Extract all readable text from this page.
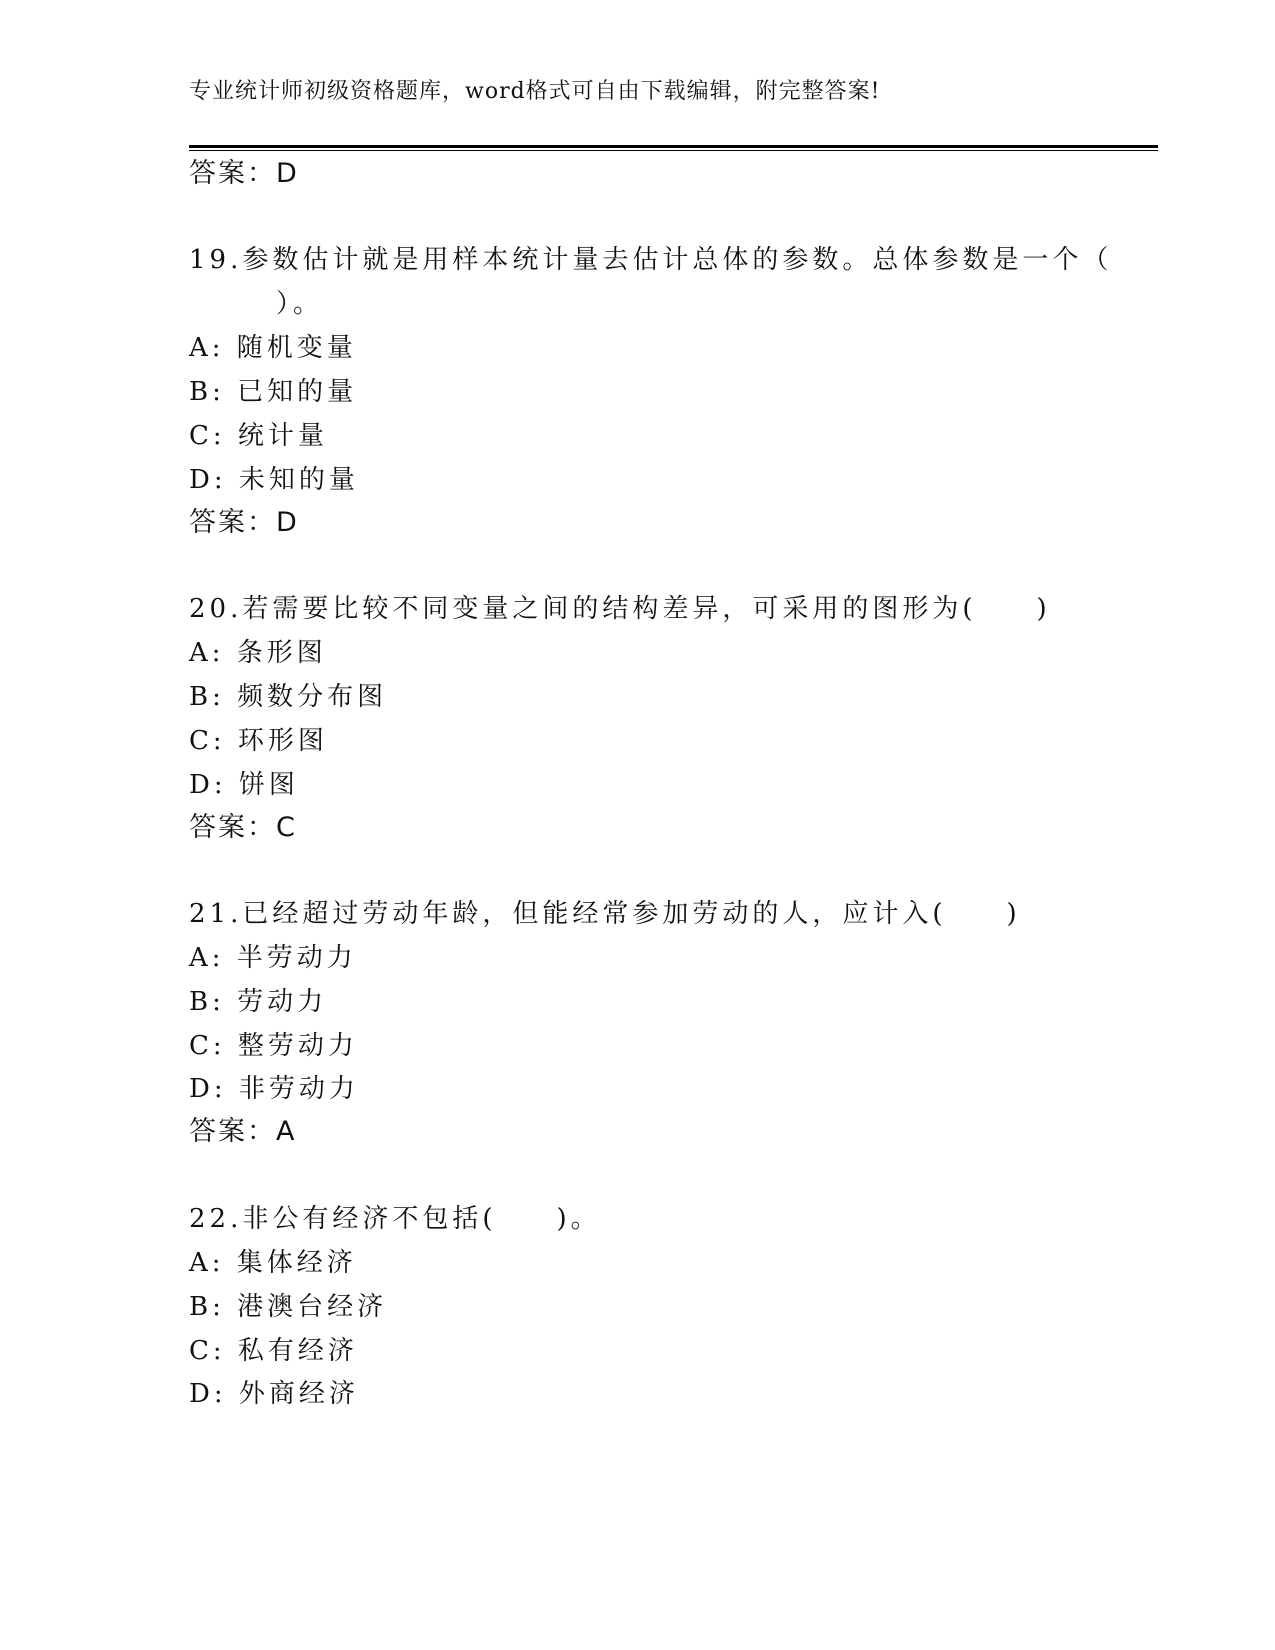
专业统计师初级资格题库，word格式可自由下载编辑，附完整答案!
答案：D
19.参数估计就是用样本统计量去估计总体的参数。总体参数是一个（
）。
A: 随机变量
B: 已知的量
C: 统计量
D: 未知的量
答案：D
20.若需要比较不同变量之间的结构差异，可采用的图形为(　　)
A: 条形图
B: 频数分布图
C: 环形图
D: 饼图
答案：C
21.已经超过劳动年龄，但能经常参加劳动的人，应计入(　　)
A: 半劳动力
B: 劳动力
C: 整劳动力
D: 非劳动力
答案：A
22.非公有经济不包括(　　)。
A: 集体经济
B: 港澳台经济
C: 私有经济
D: 外商经济
